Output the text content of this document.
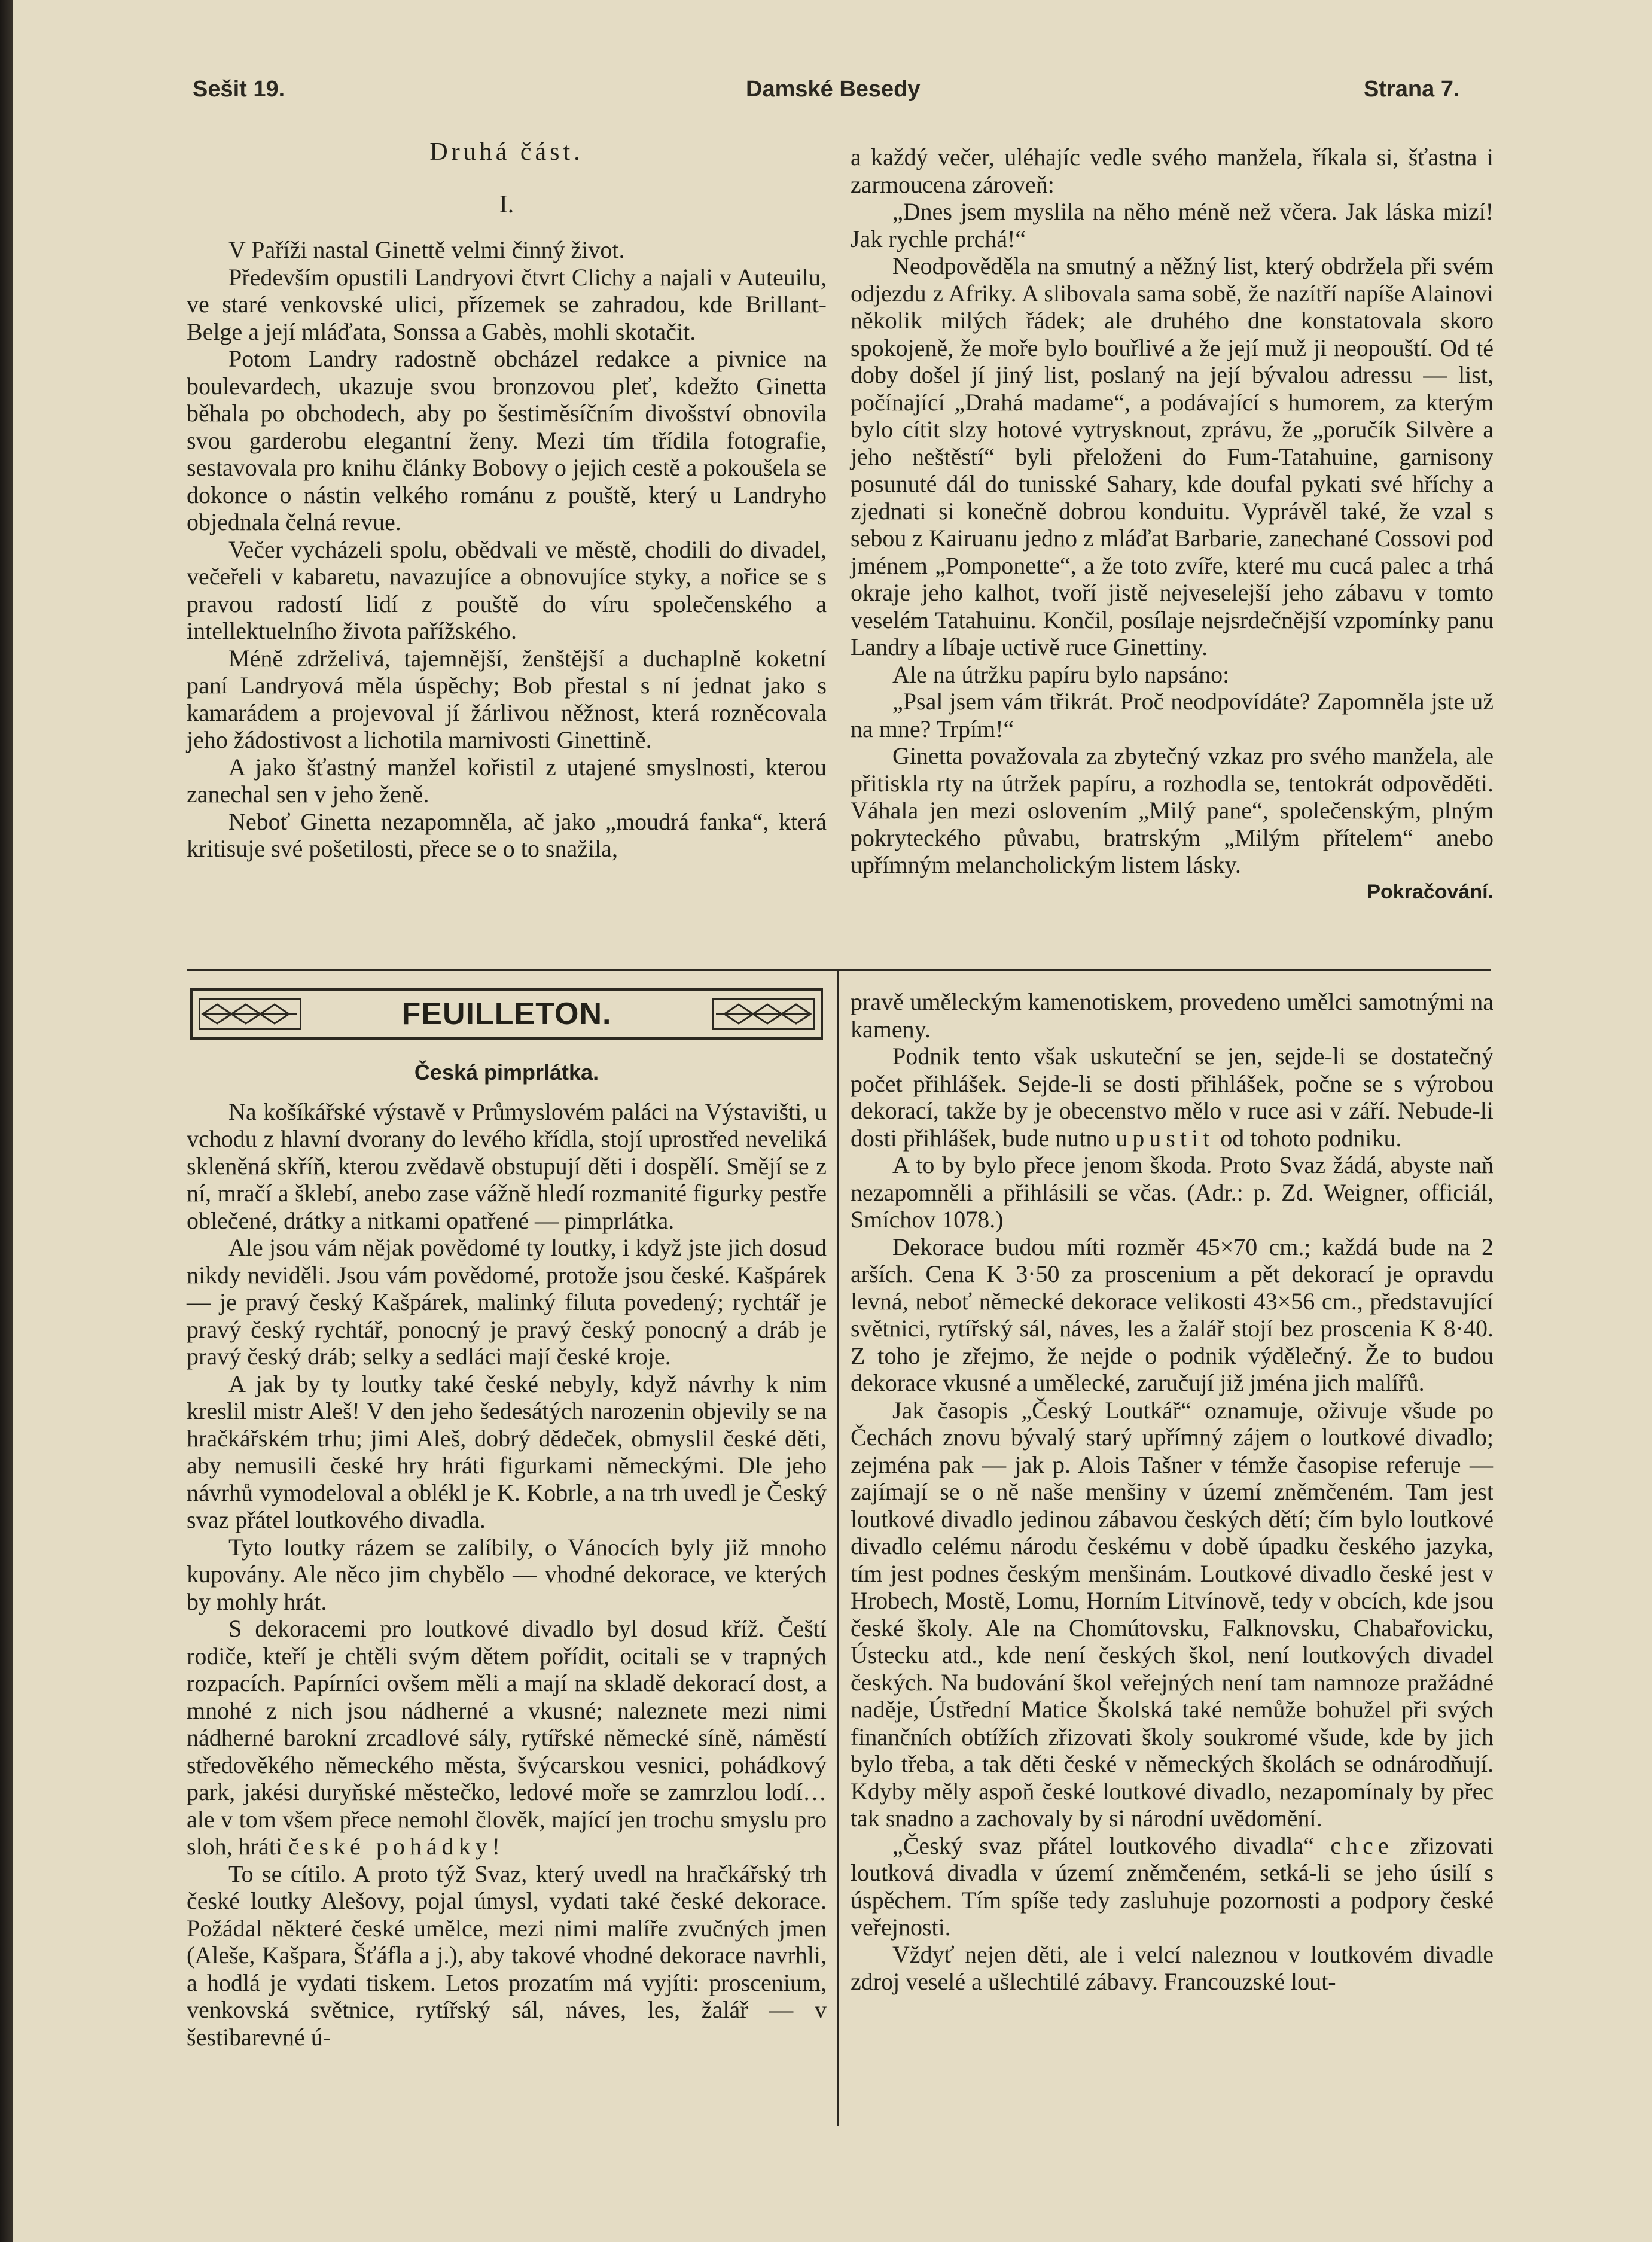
Sešit 19.	Damské Besedy	Strana 7.
Druhá část.
I.

V Paříži nastal Ginettě velmi činný život.

Především opustili Landryovi čtvrt Clichy a najali v Auteuilu, ve staré venkovské ulici, přízemek se zahradou, kde Brillant-Belge a její mláďata, Sonssa a Gabès, mohli skotačit.

Potom Landry radostně obcházel redakce a pivnice na boulevardech, ukazuje svou bronzovou pleť, kdežto Ginetta běhala po obchodech, aby po šestiměsíčním divošství obnovila svou garderobu elegantní ženy. Mezi tím třídila fotografie, sestavovala pro knihu články Bobovy o jejich cestě a pokoušela se dokonce o nástin velkého románu z pouště, který u Landryho objednala čelná revue.

Večer vycházeli spolu, obědvali ve městě, chodili do divadel, večeřeli v kabaretu, navazujíce a obnovujíce styky, a nořice se s pravou radostí lidí z pouště do víru společenského a intellektuelního života pařížského.

Méně zdrželivá, tajemnější, ženštější a duchaplně koketní paní Landryová měla úspěchy; Bob přestal s ní jednat jako s kamarádem a projevoval jí žárlivou něžnost, která rozněcovala jeho žádostivost a lichotila marnivosti Ginettině.

A jako šťastný manžel kořistil z utajené smyslnosti, kterou zanechal sen v jeho ženě.

Neboť Ginetta nezapomněla, ač jako „moudrá fanka“, která kritisuje své pošetilosti, přece se o to snažila,

a každý večer, uléhajíc vedle svého manžela, říkala si, šťastna i zarmoucena zároveň:

„Dnes jsem myslila na něho méně než včera. Jak láska mizí! Jak rychle prchá!“

Neodpověděla na smutný a něžný list, který obdržela při svém odjezdu z Afriky. A slibovala sama sobě, že nazítří napíše Alainovi několik milých řádek; ale druhého dne konstatovala skoro spokojeně, že moře bylo bouřlivé a že její muž ji neopouští. Od té doby došel jí jiný list, poslaný na její bývalou adressu — list, počínající „Drahá madame“, a podávající s humorem, za kterým bylo cítit slzy hotové vytrysknout, zprávu, že „poručík Silvère a jeho neštěstí“ byli přeloženi do Fum-Tatahuine, garnisony posunuté dál do tunisské Sahary, kde doufal pykati své hříchy a zjednati si konečně dobrou konduitu. Vyprávěl také, že vzal s sebou z Kairuanu jedno z mláďat Barbarie, zanechané Cossovi pod jménem „Pomponette“, a že toto zvíře, které mu cucá palec a trhá okraje jeho kalhot, tvoří jistě nejveselejší jeho zábavu v tomto veselém Tatahuinu. Končil, posílaje nejsrdečnější vzpomínky panu Landry a líbaje uctivě ruce Ginettiny.

Ale na útržku papíru bylo napsáno:

„Psal jsem vám třikrát. Proč neodpovídáte? Zapomněla jste už na mne? Trpím!“

Ginetta považovala za zbytečný vzkaz pro svého manžela, ale přitiskla rty na útržek papíru, a rozhodla se, tentokrát odpověděti. Váhala jen mezi oslovením „Milý pane“, společenským, plným pokryteckého půvabu, bratrským „Milým přítelem“ anebo upřímným melancholickým listem lásky.

Pokračování.
FEUILLETON.
Česká pimprlátka.

Na košíkářské výstavě v Průmyslovém paláci na Výstavišti, u vchodu z hlavní dvorany do levého křídla, stojí uprostřed neveliká skleněná skříň, kterou zvědavě obstupují děti i dospělí. Smějí se z ní, mračí a šklebí, anebo zase vážně hledí rozmanité figurky pestře oblečené, drátky a nitkami opatřené — pimprlátka.

Ale jsou vám nějak povědomé ty loutky, i když jste jich dosud nikdy neviděli. Jsou vám povědomé, protože jsou české. Kašpárek — je pravý český Kašpárek, malinký filuta povedený; rychtář je pravý český rychtář, ponocný je pravý český ponocný a dráb je pravý český dráb; selky a sedláci mají české kroje.

A jak by ty loutky také české nebyly, když návrhy k nim kreslil mistr Aleš! V den jeho šedesátých narozenin objevily se na hračkářském trhu; jimi Aleš, dobrý dědeček, obmyslil české děti, aby nemusili české hry hráti figurkami německými. Dle jeho návrhů vymodeloval a oblékl je K. Kobrle, a na trh uvedl je Český svaz přátel loutkového divadla.

Tyto loutky rázem se zalíbily, o Vánocích byly již mnoho kupovány. Ale něco jim chybělo — vhodné dekorace, ve kterých by mohly hrát.

S dekoracemi pro loutkové divadlo byl dosud kříž. Čeští rodiče, kteří je chtěli svým dětem pořídit, ocitali se v trapných rozpacích. Papírníci ovšem měli a mají na skladě dekorací dost, a mnohé z nich jsou nádherné a vkusné; naleznete mezi nimi nádherné barokní zrcadlové sály, rytířské německé síně, náměstí středověkého německého města, švýcarskou vesnici, pohádkový park, jakési duryňské městečko, ledové moře se zamrzlou lodí… ale v tom všem přece nemohl člověk, mající jen trochu smyslu pro sloh, hráti české pohádky!

To se cítilo. A proto týž Svaz, který uvedl na hračkářský trh české loutky Alešovy, pojal úmysl, vydati také české dekorace. Požádal některé české umělce, mezi nimi malíře zvučných jmen (Aleše, Kašpara, Šťáfla a j.), aby takové vhodné dekorace navrhli, a hodlá je vydati tiskem. Letos prozatím má vyjíti: proscenium, venkovská světnice, rytířský sál, náves, les, žalář — v šestibarevné ú-

pravě uměleckým kamenotiskem, provedeno umělci samotnými na kameny.

Podnik tento však uskuteční se jen, sejde-li se dostatečný počet přihlášek. Sejde-li se dosti přihlášek, počne se s výrobou dekorací, takže by je obecenstvo mělo v ruce asi v září. Nebude-li dosti přihlášek, bude nutno upustit od tohoto podniku.

A to by bylo přece jenom škoda. Proto Svaz žádá, abyste naň nezapomněli a přihlásili se včas. (Adr.: p. Zd. Weigner, officiál, Smíchov 1078.)

Dekorace budou míti rozměr 45×70 cm.; každá bude na 2 arších. Cena K 3·50 za proscenium a pět dekorací je opravdu levná, neboť německé dekorace velikosti 43×56 cm., představující světnici, rytířský sál, náves, les a žalář stojí bez proscenia K 8·40. Z toho je zřejmo, že nejde o podnik výdělečný. Že to budou dekorace vkusné a umělecké, zaručují již jména jich malířů.

Jak časopis „Český Loutkář“ oznamuje, oživuje všude po Čechách znovu bývalý starý upřímný zájem o loutkové divadlo; zejména pak — jak p. Alois Tašner v témže časopise referuje — zajímají se o ně naše menšiny v území zněmčeném. Tam jest loutkové divadlo jedinou zábavou českých dětí; čím bylo loutkové divadlo celému národu českému v době úpadku českého jazyka, tím jest podnes českým menšinám. Loutkové divadlo české jest v Hrobech, Mostě, Lomu, Horním Litvínově, tedy v obcích, kde jsou české školy. Ale na Chomútovsku, Falknovsku, Chabařovicku, Ústecku atd., kde není českých škol, není loutkových divadel českých. Na budování škol veřejných není tam namnoze pražádné naděje, Ústřední Matice Školská také nemůže bohužel při svých finančních obtížích zřizovati školy soukromé všude, kde by jich bylo třeba, a tak děti české v německých školách se odnárodňují. Kdyby měly aspoň české loutkové divadlo, nezapomínaly by přec tak snadno a zachovaly by si národní uvědomění.

„Český svaz přátel loutkového divadla“ chce zřizovati loutková divadla v území zněmčeném, setká-li se jeho úsilí s úspěchem. Tím spíše tedy zasluhuje pozornosti a podpory české veřejnosti.

Vždyť nejen děti, ale i velcí naleznou v loutkovém divadle zdroj veselé a ušlechtilé zábavy. Francouzské lout-
